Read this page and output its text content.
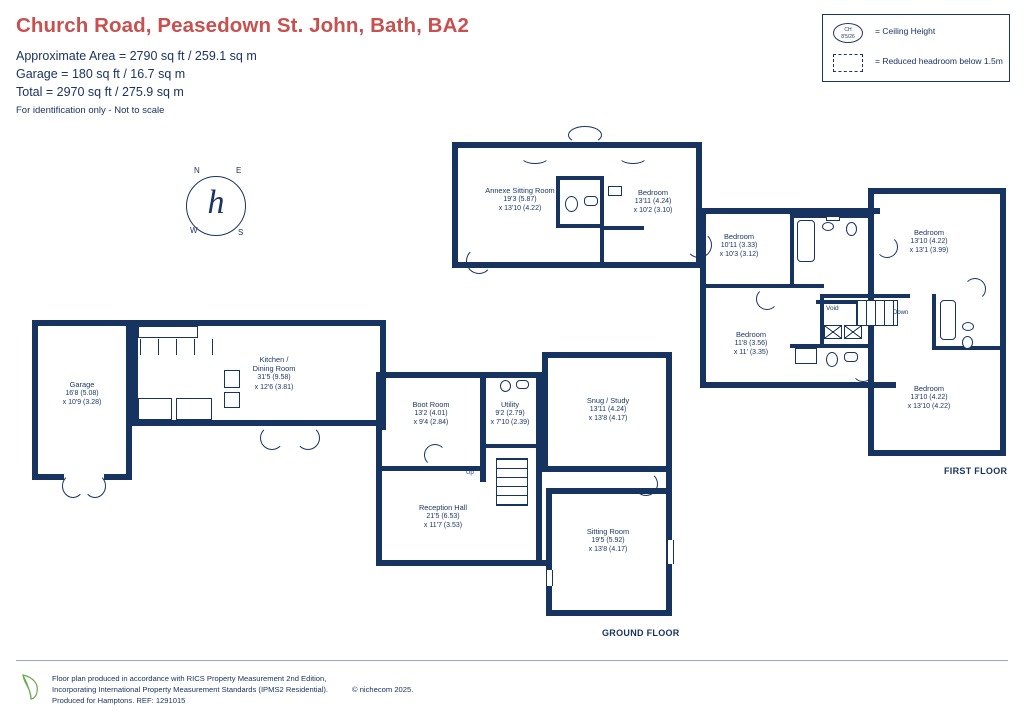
Church Road, Peasedown St. John, Bath, BA2
Approximate Area = 2790 sq ft / 259.1 sq m
Garage = 180 sq ft / 16.7 sq m
Total = 2970 sq ft / 275.9 sq m
For identification only - Not to scale
CH
8'5/26
= Ceiling Height
= Reduced headroom below 1.5m
h
N	E
W	S
Annexe Sitting Room
19'3 (5.87)
x 13'10 (4.22)
Bedroom
13'11 (4.24)
x 10'2 (3.10)
Void
Down
Bedroom
10'11 (3.33)
x 10'3 (3.12)
Bedroom
13'10 (4.22)
x 13'1 (3.99)
Bedroom
11'8 (3.56)
x 11' (3.35)
Bedroom
13'10 (4.22)
x 13'10 (4.22)
FIRST FLOOR
Garage
16'8 (5.08)
x 10'9 (3.28)
Kitchen /
Dining Room
31'5 (9.58)
x 12'6 (3.81)
Boot Room
13'2 (4.01)
x 9'4 (2.84)
Utility
9'2 (2.79)
x 7'10 (2.39)
Snug / Study
13'11 (4.24)
x 13'8 (4.17)
Up
Reception Hall
21'5 (6.53)
x 11'7 (3.53)
Sitting Room
19'5 (5.92)
x 13'8 (4.17)
GROUND FLOOR
Floor plan produced in accordance with RICS Property Measurement 2nd Edition,
Incorporating International Property Measurement Standards (IPMS2 Residential).
Produced for Hamptons. REF: 1291015
© nichecom 2025.
